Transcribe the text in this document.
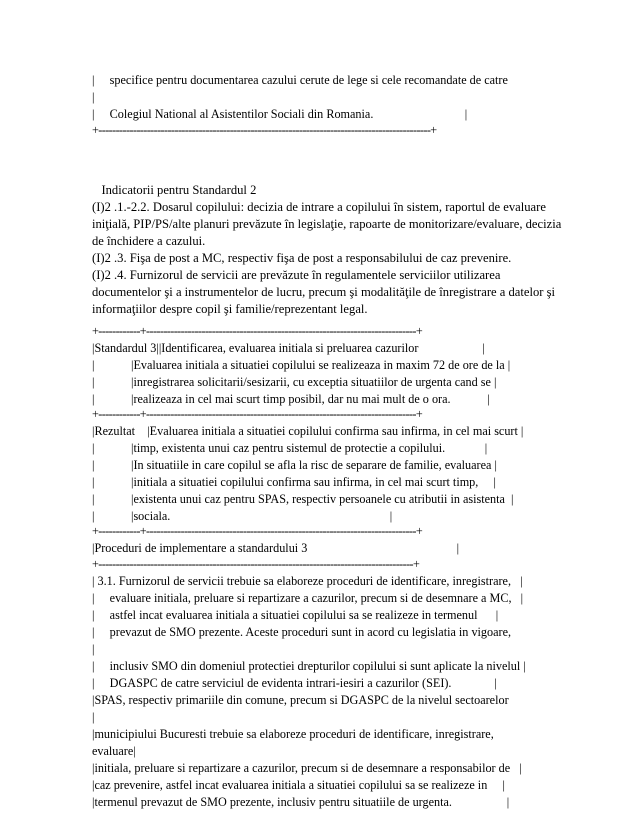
|     specifice pentru documentarea cazului cerute de lege si cele recomandate de catre
|
|     Colegiul National al Asistentilor Sociali din Romania.                              |
+------------------------------------------------------------------------------------------------+

Indicatorii pentru Standardul 2

(I)2 .1.-2.2. Dosarul copilului: decizia de intrare a copilului în sistem, raportul de evaluare iniţială, PIP/PS/alte planuri prevăzute în legislaţie, rapoarte de monitorizare/evaluare, decizia de închidere a cazului.

(I)2 .3. Fişa de post a MC, respectiv fişa de post a responsabilului de caz prevenire.

(I)2 .4. Furnizorul de servicii are prevăzute în regulamentele serviciilor utilizarea documentelor şi a instrumentelor de lucru, precum şi modalităţile de înregistrare a datelor şi informaţiilor despre copil şi familie/reprezentant legal.

+------------+------------------------------------------------------------------------------+
|Standardul 3||Identificarea, evaluarea initiala si preluarea cazurilor                     |
|            |Evaluarea initiala a situatiei copilului se realizeaza in maxim 72 de ore de la |
|            |inregistrarea solicitarii/sesizarii, cu exceptia situatiilor de urgenta cand se |
|            |realizeaza in cel mai scurt timp posibil, dar nu mai mult de o ora.            |
+------------+------------------------------------------------------------------------------+
|Rezultat    |Evaluarea initiala a situatiei copilului confirma sau infirma, in cel mai scurt |
|            |timp, existenta unui caz pentru sistemul de protectie a copilului.             |
|            |In situatiile in care copilul se afla la risc de separare de familie, evaluarea |
|            |initiala a situatiei copilului confirma sau infirma, in cel mai scurt timp,     |
|            |existenta unui caz pentru SPAS, respectiv persoanele cu atributii in asistenta  |
|            |sociala.                                                                        |
+------------+------------------------------------------------------------------------------+
|Proceduri de implementare a standardului 3                                                 |
+-------------------------------------------------------------------------------------------+
| 3.1. Furnizorul de servicii trebuie sa elaboreze proceduri de identificare, inregistrare,   |
|     evaluare initiala, preluare si repartizare a cazurilor, precum si de desemnare a MC,   |
|     astfel incat evaluarea initiala a situatiei copilului sa se realizeze in termenul      |
|     prevazut de SMO prezente. Aceste proceduri sunt in acord cu legislatia in vigoare,
|
|     inclusiv SMO din domeniul protectiei drepturilor copilului si sunt aplicate la nivelul |
|     DGASPC de catre serviciul de evidenta intrari-iesiri a cazurilor (SEI).              |
|SPAS, respectiv primariile din comune, precum si DGASPC de la nivelul sectoarelor
|
|municipiului Bucuresti trebuie sa elaboreze proceduri de identificare, inregistrare,
evaluare|
|initiala, preluare si repartizare a cazurilor, precum si de desemnare a responsabilor de   |
|caz prevenire, astfel incat evaluarea initiala a situatiei copilului sa se realizeze in     |
|termenul prevazut de SMO prezente, inclusiv pentru situatiile de urgenta.                  |
